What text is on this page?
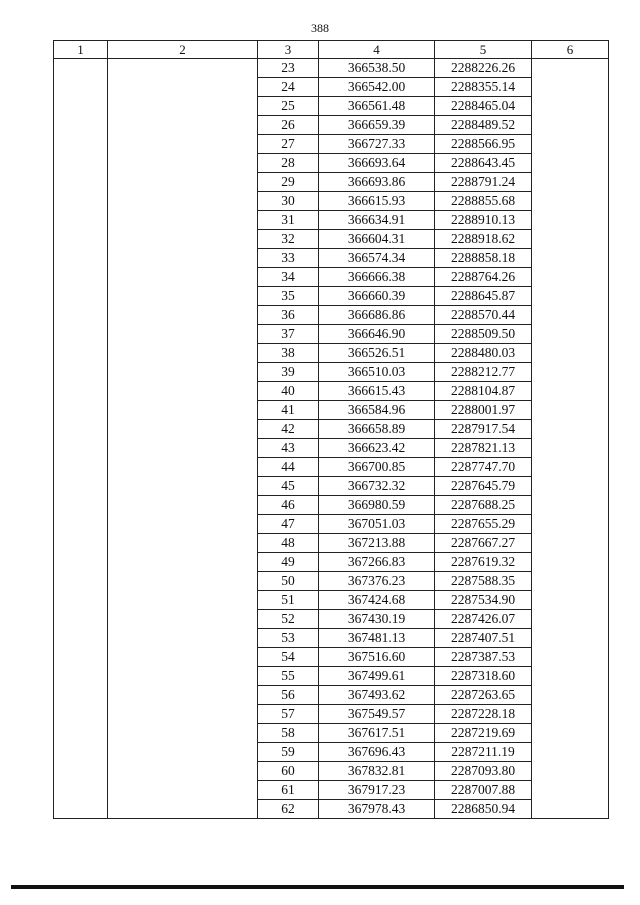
388
1	2	3	4	5	6
		23	366538.50	2288226.26	
		24	366542.00	2288355.14	
		25	366561.48	2288465.04	
		26	366659.39	2288489.52	
		27	366727.33	2288566.95	
		28	366693.64	2288643.45	
		29	366693.86	2288791.24	
		30	366615.93	2288855.68	
		31	366634.91	2288910.13	
		32	366604.31	2288918.62	
		33	366574.34	2288858.18	
		34	366666.38	2288764.26	
		35	366660.39	2288645.87	
		36	366686.86	2288570.44	
		37	366646.90	2288509.50	
		38	366526.51	2288480.03	
		39	366510.03	2288212.77	
		40	366615.43	2288104.87	
		41	366584.96	2288001.97	
		42	366658.89	2287917.54	
		43	366623.42	2287821.13	
		44	366700.85	2287747.70	
		45	366732.32	2287645.79	
		46	366980.59	2287688.25	
		47	367051.03	2287655.29	
		48	367213.88	2287667.27	
		49	367266.83	2287619.32	
		50	367376.23	2287588.35	
		51	367424.68	2287534.90	
		52	367430.19	2287426.07	
		53	367481.13	2287407.51	
		54	367516.60	2287387.53	
		55	367499.61	2287318.60	
		56	367493.62	2287263.65	
		57	367549.57	2287228.18	
		58	367617.51	2287219.69	
		59	367696.43	2287211.19	
		60	367832.81	2287093.80	
		61	367917.23	2287007.88	
		62	367978.43	2286850.94	
